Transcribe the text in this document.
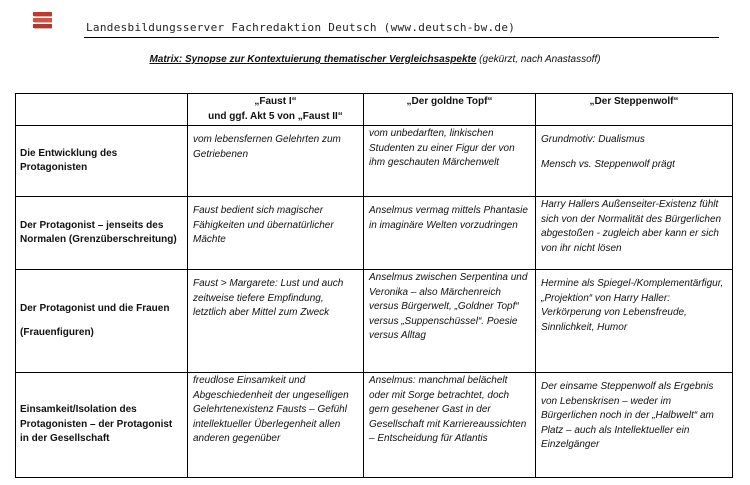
Landesbildungsserver Fachredaktion Deutsch (www.deutsch-bw.de)
Matrix: Synopse zur Kontextuierung thematischer Vergleichsaspekte (gekürzt, nach Anastassoff)
	„Faust I“
und ggf. Akt 5 von „Faust II“	„Der goldne Topf“	„Der Steppenwolf“
Die Entwicklung des Protagonisten	vom lebensfernen Gelehrten zum Getriebenen	vom unbedarften, linkischen Studenten zu einer Figur der von ihm geschauten Märchenwelt	Grundmotiv: Dualismus
Mensch vs. Steppenwolf prägt
Der Protagonist – jenseits des Normalen (Grenzüberschreitung)	Faust bedient sich magischer Fähigkeiten und übernatürlicher Mächte	Anselmus vermag mittels Phantasie in imaginäre Welten vorzudringen	Harry Hallers Außenseiter-Existenz fühlt sich von der Normalität des Bürgerlichen abgestoßen - zugleich aber kann er sich von ihr nicht lösen
Der Protagonist und die Frauen
(Frauenfiguren)	Faust > Margarete: Lust und auch zeitweise tiefere Empfindung, letztlich aber Mittel zum Zweck	Anselmus zwischen Serpentina und Veronika – also Märchenreich versus Bürgerwelt, „Goldner Topf“ versus „Suppenschüssel“. Poesie versus Alltag	Hermine als Spiegel-/Komplementärfigur, „Projektion“ von Harry Haller: Verkörperung von Lebensfreude, Sinnlichkeit, Humor
Einsamkeit/Isolation des Protagonisten – der Protagonist in der Gesellschaft	freudlose Einsamkeit und Abgeschiedenheit der ungeselligen Gelehrtenexistenz Fausts – Gefühl intellektueller Überlegenheit allen anderen gegenüber	Anselmus: manchmal belächelt oder mit Sorge betrachtet, doch gern gesehener Gast in der Gesellschaft mit Karriereaussichten – Entscheidung für Atlantis	Der einsame Steppenwolf als Ergebnis von Lebenskrisen – weder im Bürgerlichen noch in der „Halbwelt“ am Platz – auch als Intellektueller ein Einzelgänger
